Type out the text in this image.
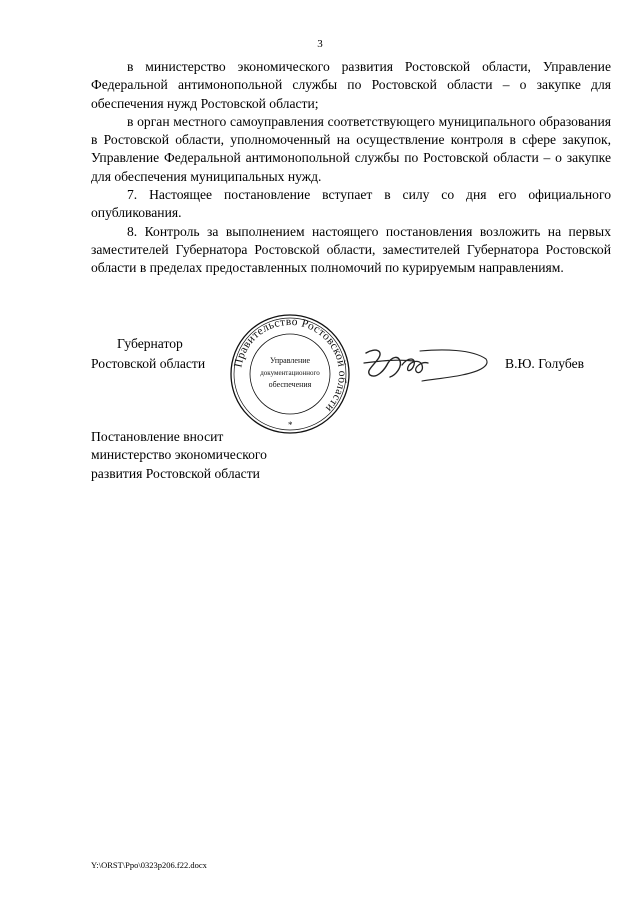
3

в министерство экономического развития Ростовской области, Управление Федеральной антимонопольной службы по Ростовской области – о закупке для обеспечения нужд Ростовской области;

в орган местного самоуправления соответствующего муниципального образования в Ростовской области, уполномоченный на осуществление контроля в сфере закупок, Управление Федеральной антимонопольной службы по Ростовской области – о закупке для обеспечения муниципальных нужд.

7. Настоящее постановление вступает в силу со дня его официального опубликования.

8. Контроль за выполнением настоящего постановления возложить на первых заместителей Губернатора Ростовской области, заместителей Губернатора Ростовской области в пределах предоставленных полномочий по курируемым направлениям.

Губернатор
Ростовской области Правительство Ростовской области
Управление
документационного
обеспечения
*
В.Ю. Голубев
Постановление вносит
министерство экономического
развития Ростовской области
Y:\ORST\Ppo\0323p206.f22.docx
